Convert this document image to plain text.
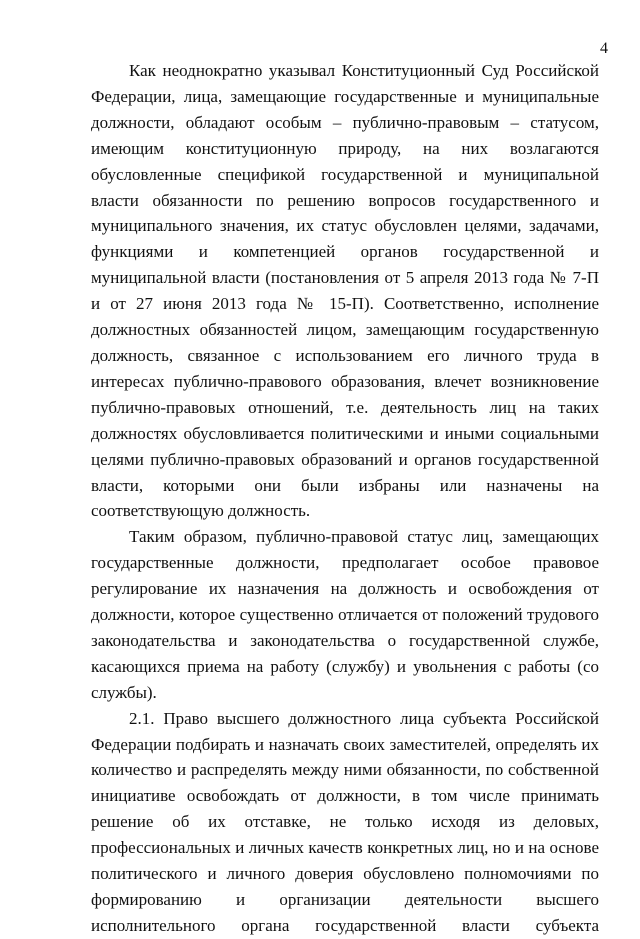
4

Как неоднократно указывал Конституционный Суд Российской Федерации, лица, замещающие государственные и муниципальные должности, обладают особым – публично-правовым – статусом, имеющим конституционную природу, на них возлагаются обусловленные спецификой государственной и муниципальной власти обязанности по решению вопросов государственного и муниципального значения, их статус обусловлен целями, задачами, функциями и компетенцией органов государственной и муниципальной власти (постановления от 5 апреля 2013 года № 7-П и от 27 июня 2013 года № 15-П). Соответственно, исполнение должностных обязанностей лицом, замещающим государственную должность, связанное с использованием его личного труда в интересах публично-правового образования, влечет возникновение публично-правовых отношений, т.е. деятельность лиц на таких должностях обусловливается политическими и иными социальными целями публично-правовых образований и органов государственной власти, которыми они были избраны или назначены на соответствующую должность.

Таким образом, публично-правовой статус лиц, замещающих государственные должности, предполагает особое правовое регулирование их назначения на должность и освобождения от должности, которое существенно отличается от положений трудового законодательства и законодательства о государственной службе, касающихся приема на работу (службу) и увольнения с работы (со службы).

2.1. Право высшего должностного лица субъекта Российской Федерации подбирать и назначать своих заместителей, определять их количество и распределять между ними обязанности, по собственной инициативе освобождать от должности, в том числе принимать решение об их отставке, не только исходя из деловых, профессиональных и личных качеств конкретных лиц, но и на основе политического и личного доверия обусловлено полномочиями по формированию и организации деятельности высшего исполнительного органа государственной власти субъекта
